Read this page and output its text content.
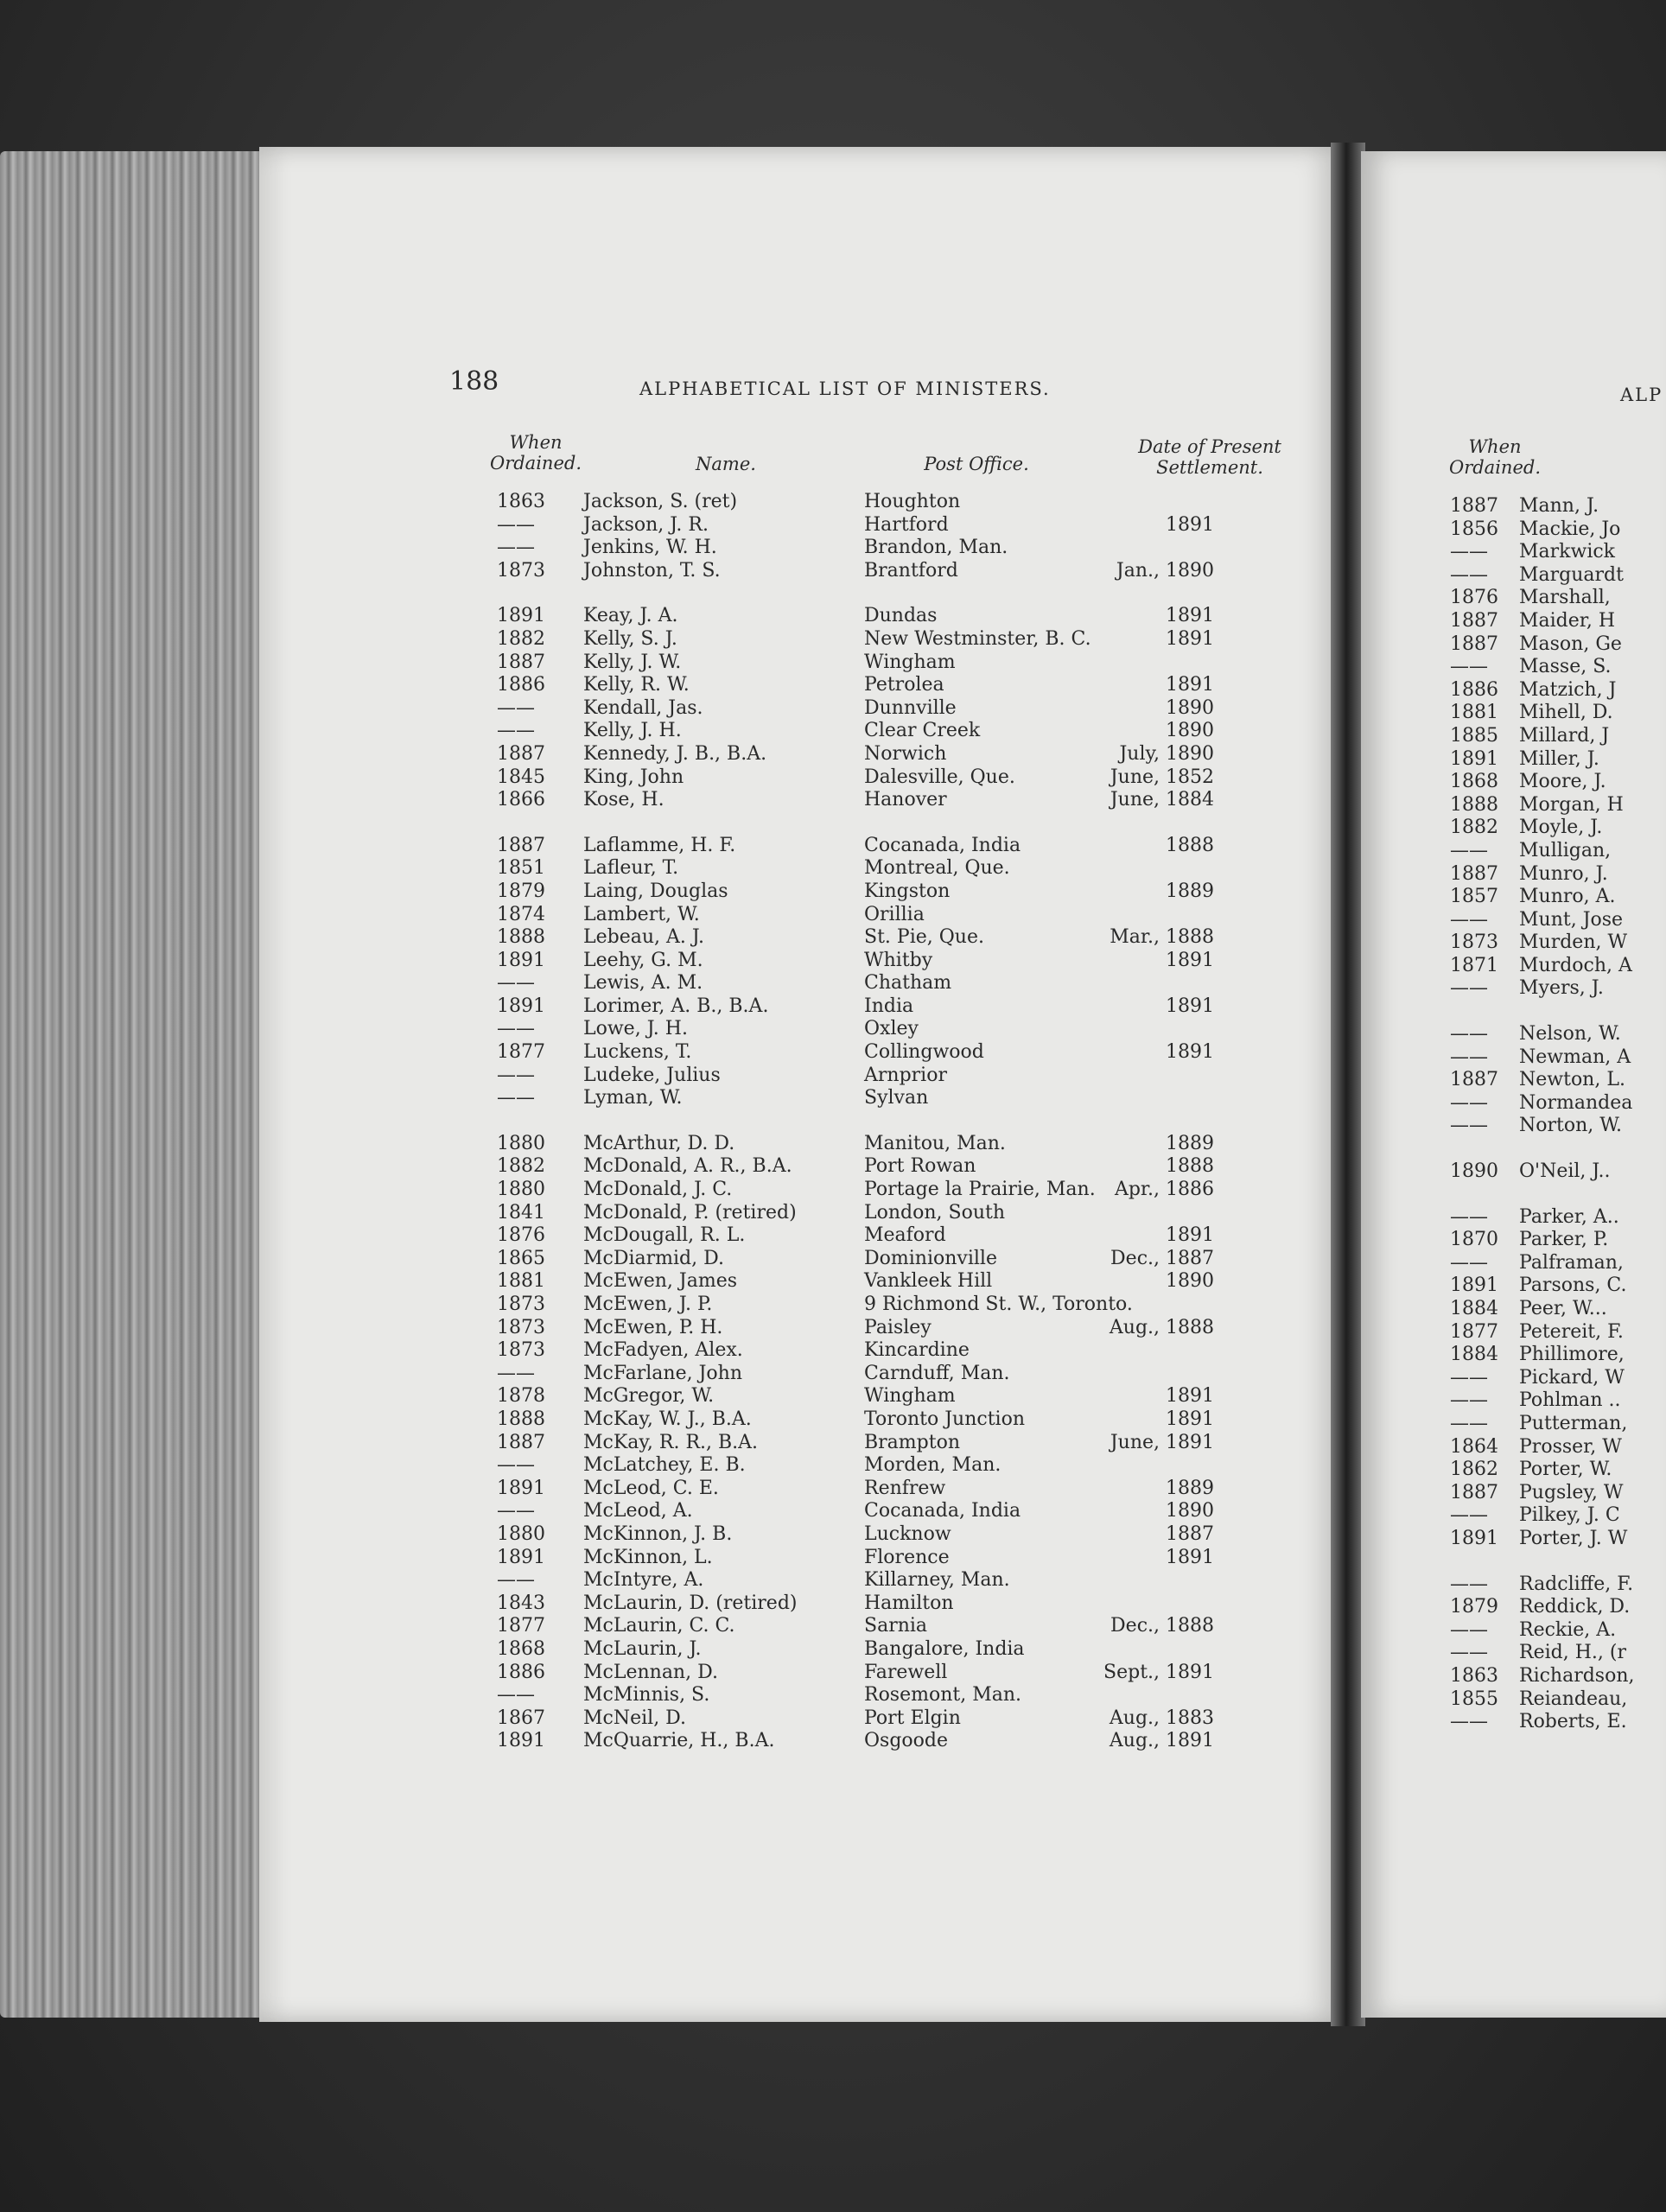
188	ALPHABETICAL LIST OF MINISTERS.
When
Ordained.	Name.	Post Office.
Date of Present
Settlement.
1863	Jackson, S. (ret)	Houghton
——	Jackson, J. R.	Hartford	1891
——	Jenkins, W. H.	Brandon, Man.
1873	Johnston, T. S.	Brantford	Jan., 1890
1891	Keay, J. A.	Dundas	1891
1882	Kelly, S. J.	New Westminster, B. C.	1891
1887	Kelly, J. W.	Wingham
1886	Kelly, R. W.	Petrolea	1891
——	Kendall, Jas.	Dunnville	1890
——	Kelly, J. H.	Clear Creek	1890
1887	Kennedy, J. B., B.A.	Norwich	July, 1890
1845	King, John	Dalesville, Que.	June, 1852
1866	Kose, H.	Hanover	June, 1884
1887	Laflamme, H. F.	Cocanada, India	1888
1851	Lafleur, T.	Montreal, Que.
1879	Laing, Douglas	Kingston	1889
1874	Lambert, W.	Orillia
1888	Lebeau, A. J.	St. Pie, Que.	Mar., 1888
1891	Leehy, G. M.	Whitby	1891
——	Lewis, A. M.	Chatham
1891	Lorimer, A. B., B.A.	India	1891
——	Lowe, J. H.	Oxley
1877	Luckens, T.	Collingwood	1891
——	Ludeke, Julius	Arnprior
——	Lyman, W.	Sylvan
1880	McArthur, D. D.	Manitou, Man.	1889
1882	McDonald, A. R., B.A.	Port Rowan	1888
1880	McDonald, J. C.	Portage la Prairie, Man.	Apr., 1886
1841	McDonald, P. (retired)	London, South
1876	McDougall, R. L.	Meaford	1891
1865	McDiarmid, D.	Dominionville	Dec., 1887
1881	McEwen, James	Vankleek Hill	1890
1873	McEwen, J. P.	9 Richmond St. W., Toronto.
1873	McEwen, P. H.	Paisley	Aug., 1888
1873	McFadyen, Alex.	Kincardine
——	McFarlane, John	Carnduff, Man.
1878	McGregor, W.	Wingham	1891
1888	McKay, W. J., B.A.	Toronto Junction	1891
1887	McKay, R. R., B.A.	Brampton	June, 1891
——	McLatchey, E. B.	Morden, Man.
1891	McLeod, C. E.	Renfrew	1889
——	McLeod, A.	Cocanada, India	1890
1880	McKinnon, J. B.	Lucknow	1887
1891	McKinnon, L.	Florence	1891
——	McIntyre, A.	Killarney, Man.
1843	McLaurin, D. (retired)	Hamilton
1877	McLaurin, C. C.	Sarnia	Dec., 1888
1868	McLaurin, J.	Bangalore, India
1886	McLennan, D.	Farewell	Sept., 1891
——	McMinnis, S.	Rosemont, Man.
1867	McNeil, D.	Port Elgin	Aug., 1883
1891	McQuarrie, H., B.A.	Osgoode	Aug., 1891
ALP
When
Ordained.
1887 Mann, J.
1856 Mackie, Jo
—— Markwick
—— Marguardt
1876 Marshall,
1887 Maider, H
1887 Mason, Ge
—— Masse, S.
1886 Matzich, J
1881 Mihell, D.
1885 Millard, J
1891 Miller, J.
1868 Moore, J.
1888 Morgan, H
1882 Moyle, J.
—— Mulligan,
1887 Munro, J.
1857 Munro, A.
—— Munt, Jose
1873 Murden, W
1871 Murdoch, A
—— Myers, J.
—— Nelson, W.
—— Newman, A
1887 Newton, L.
—— Normandea
—— Norton, W.
1890 O'Neil, J..
—— Parker, A..
1870 Parker, P.
—— Palframan,
1891 Parsons, C.
1884 Peer, W...
1877 Petereit, F.
1884 Phillimore,
—— Pickard, W
—— Pohlman ..
—— Putterman,
1864 Prosser, W
1862 Porter, W.
1887 Pugsley, W
—— Pilkey, J. C
1891 Porter, J. W
—— Radcliffe, F.
1879 Reddick, D.
—— Reckie, A.
—— Reid, H., (r
1863 Richardson,
1855 Reiandeau,
—— Roberts, E.
